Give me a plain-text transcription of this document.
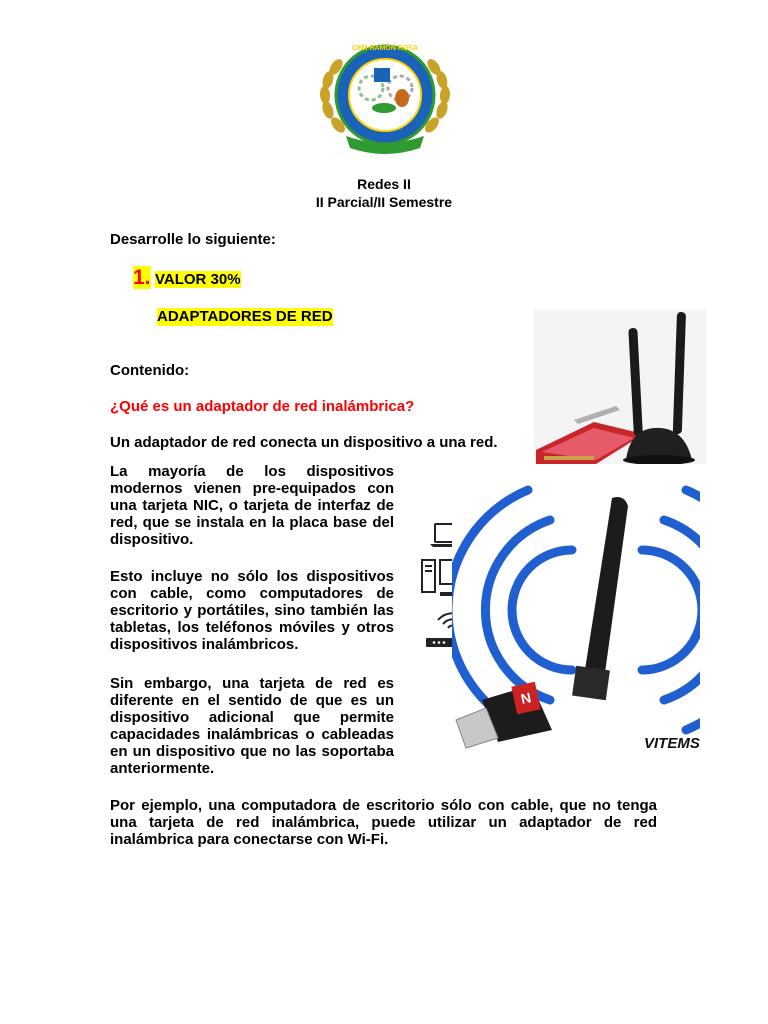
CEM RAMÓN ROSA
Redes II
II Parcial/II Semestre
Desarrolle lo siguiente:
1. VALOR 30%
ADAPTADORES DE RED
Contenido:
¿Qué es un adaptador de red inalámbrica?
Un adaptador de red conecta un dispositivo a una red.
La mayoría de los dispositivos modernos vienen pre-equipados con una tarjeta NIC, o tarjeta de interfaz de red, que se instala en la placa base del dispositivo.
Esto incluye no sólo los dispositivos con cable, como computadores de escritorio y portátiles, sino también las tabletas, los teléfonos móviles y otros dispositivos inalámbricos.
Sin embargo, una tarjeta de red es diferente en el sentido de que es un dispositivo adicional que permite capacidades inalámbricas o cableadas en un dispositivo que no las soportaba anteriormente.
N
VITEMS
Por ejemplo, una computadora de escritorio sólo con cable, que no tenga una tarjeta de red inalámbrica, puede utilizar un adaptador de red inalámbrica para conectarse con Wi-Fi.
